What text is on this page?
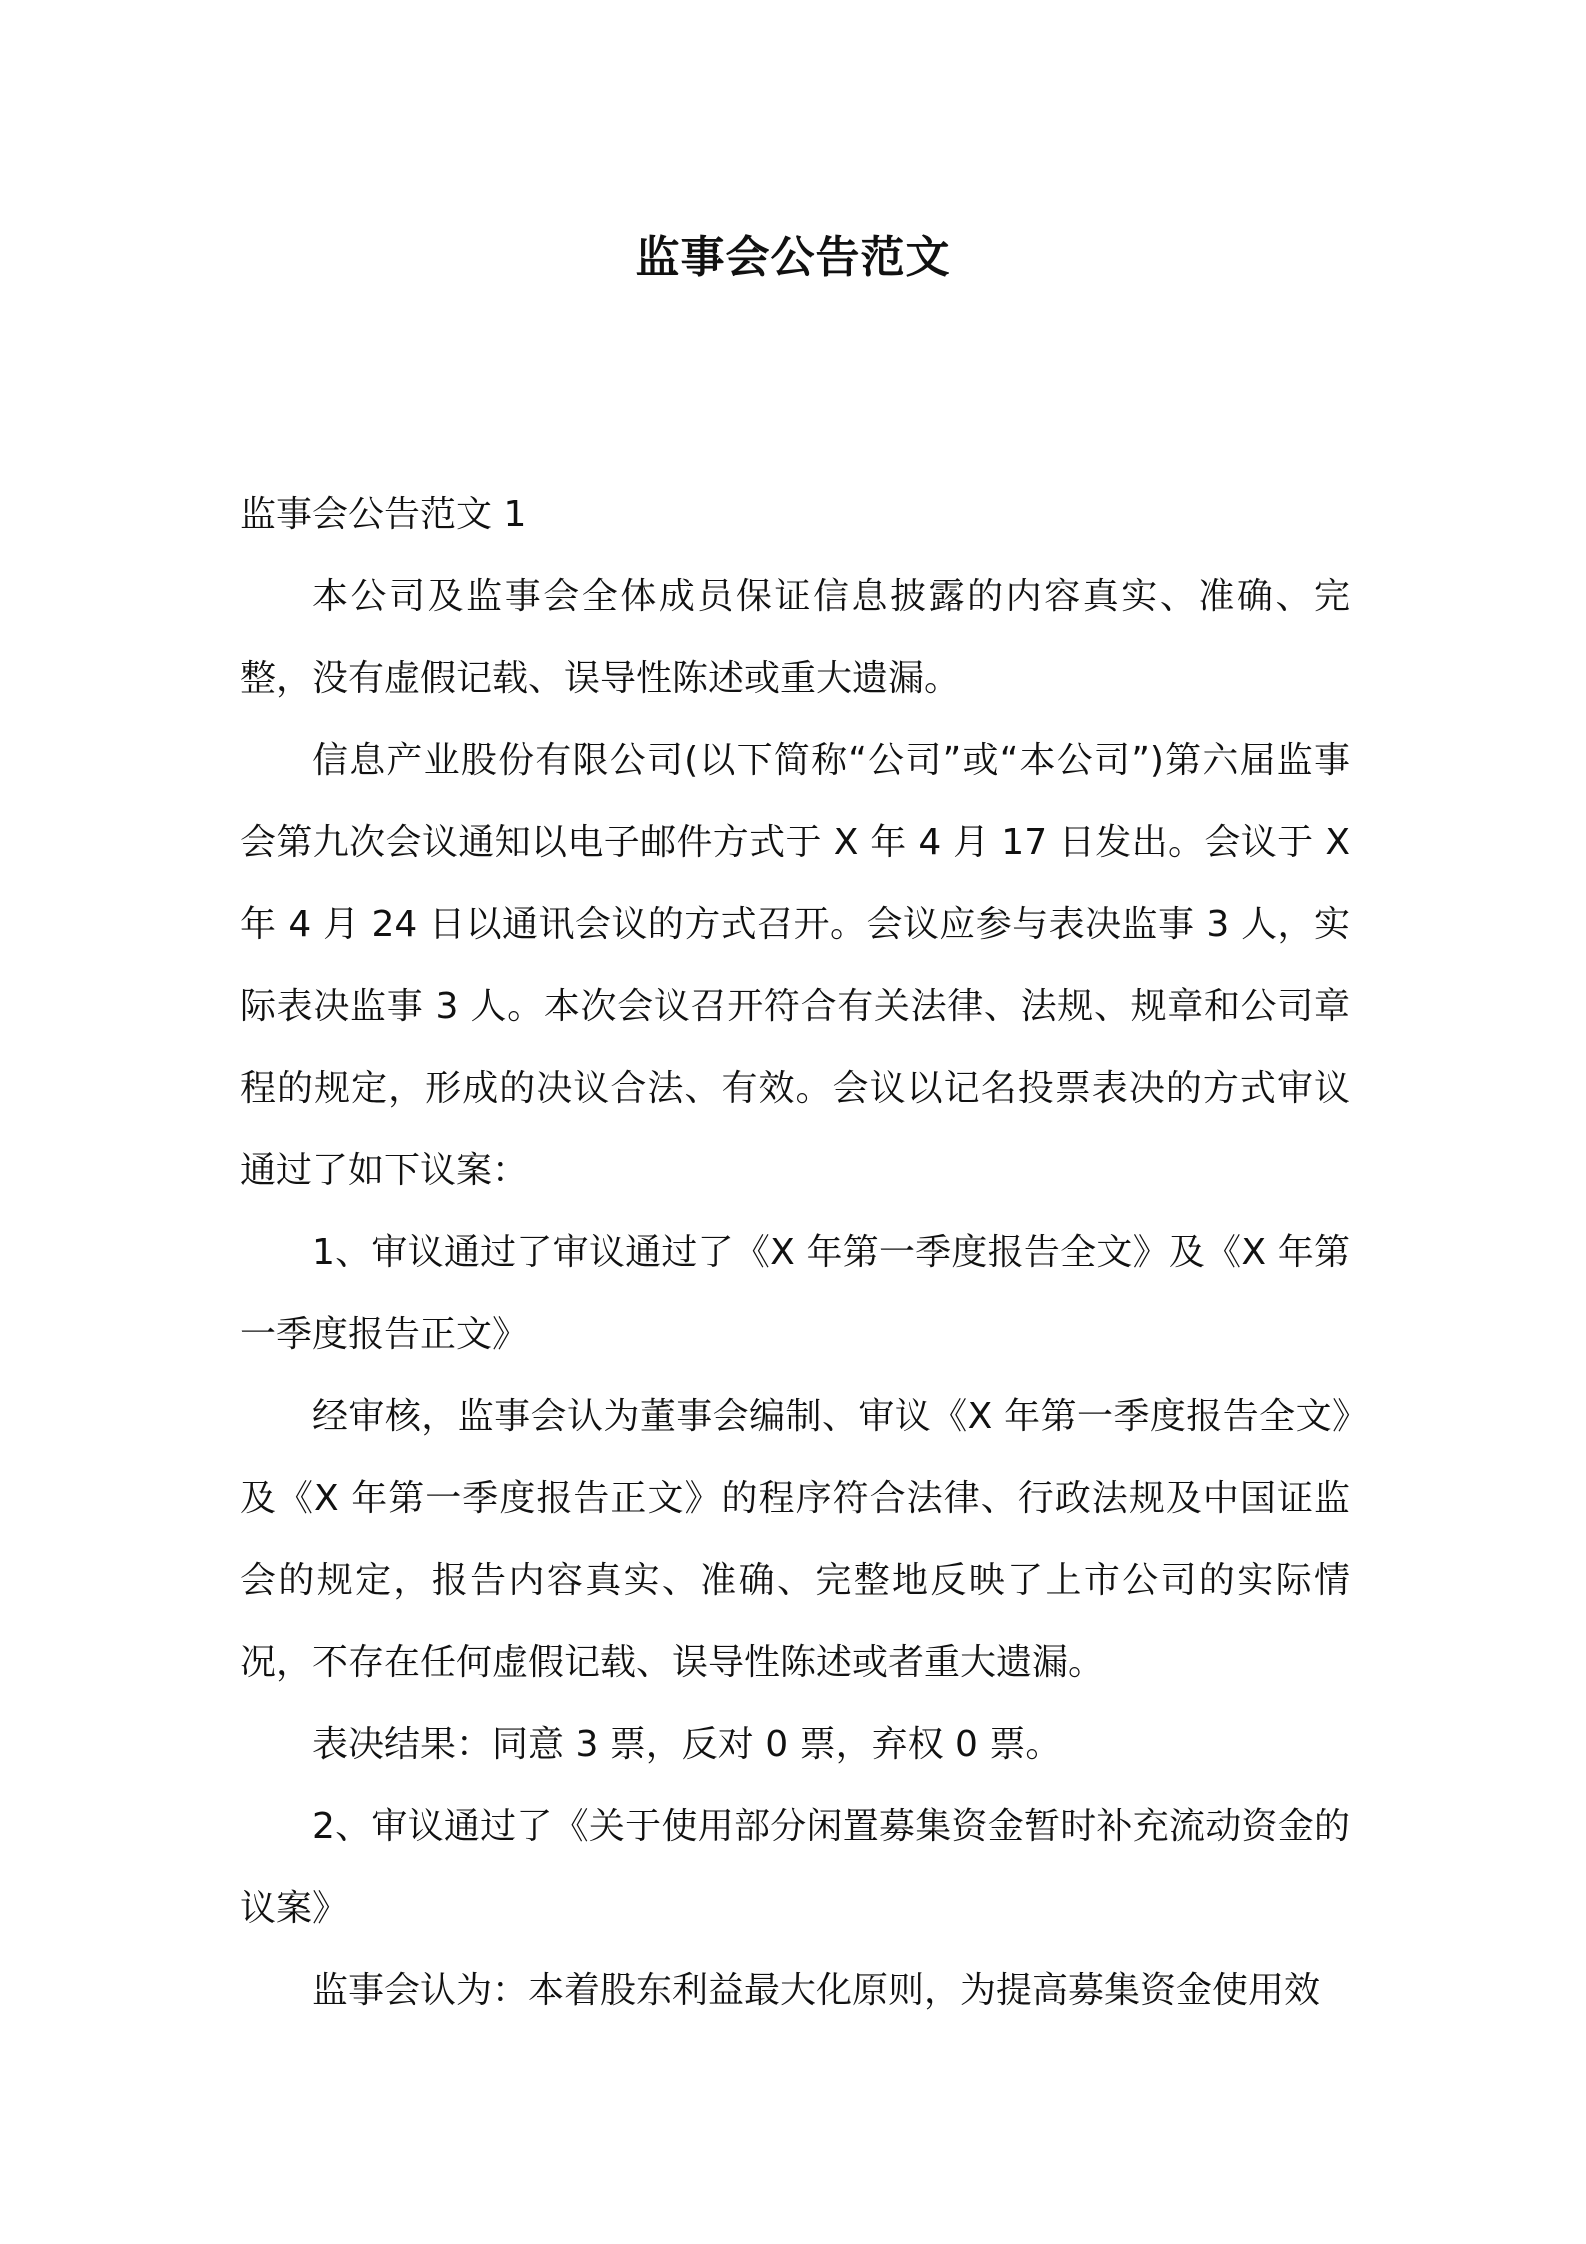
监事会公告范文

监事会公告范文 1

本公司及监事会全体成员保证信息披露的内容真实、准确、完整，没有虚假记载、误导性陈述或重大遗漏。

信息产业股份有限公司(以下简称“公司”或“本公司”)第六届监事会第九次会议通知以电子邮件方式于 X 年 4 月 17 日发出。会议于 X 年 4 月 24 日以通讯会议的方式召开。会议应参与表决监事 3 人，实际表决监事 3 人。本次会议召开符合有关法律、法规、规章和公司章程的规定，形成的决议合法、有效。会议以记名投票表决的方式审议通过了如下议案：

1、审议通过了审议通过了《X 年第一季度报告全文》及《X 年第一季度报告正文》

经审核，监事会认为董事会编制、审议《X 年第一季度报告全文》及《X 年第一季度报告正文》的程序符合法律、行政法规及中国证监会的规定，报告内容真实、准确、完整地反映了上市公司的实际情况，不存在任何虚假记载、误导性陈述或者重大遗漏。

表决结果：同意 3 票，反对 0 票，弃权 0 票。

2、审议通过了《关于使用部分闲置募集资金暂时补充流动资金的议案》

监事会认为：本着股东利益最大化原则，为提高募集资金使用效
